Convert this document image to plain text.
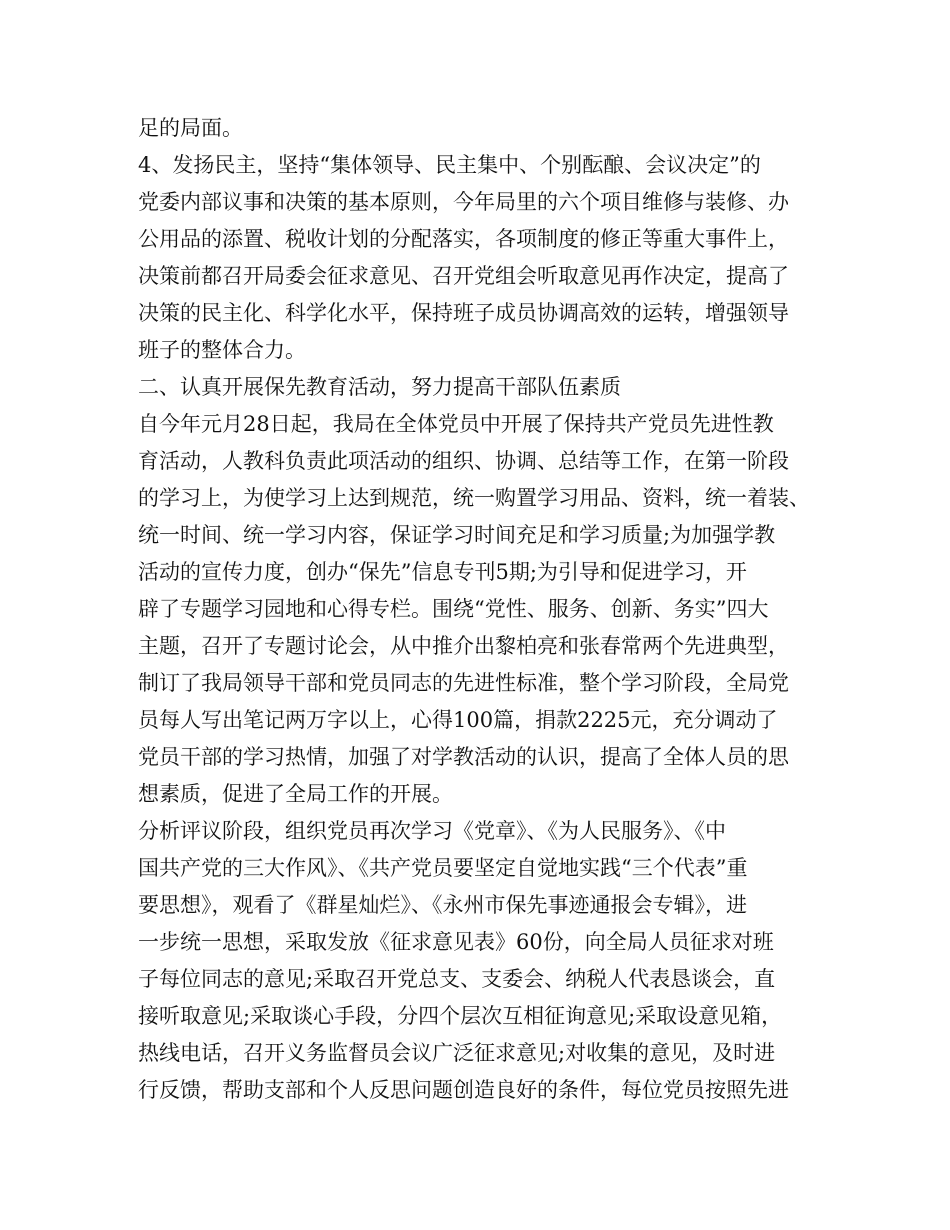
足的局面。
4、发扬民主，坚持“集体领导、民主集中、个别酝酿、会议决定”的
党委内部议事和决策的基本原则，今年局里的六个项目维修与装修、办
公用品的添置、税收计划的分配落实，各项制度的修正等重大事件上，
决策前都召开局委会征求意见、召开党组会听取意见再作决定，提高了
决策的民主化、科学化水平，保持班子成员协调高效的运转，增强领导
班子的整体合力。
二、认真开展保先教育活动，努力提高干部队伍素质
自今年元月28日起，我局在全体党员中开展了保持共产党员先进性教
育活动，人教科负责此项活动的组织、协调、总结等工作，在第一阶段
的学习上，为使学习上达到规范，统一购置学习用品、资料，统一着装、
统一时间、统一学习内容，保证学习时间充足和学习质量;为加强学教
活动的宣传力度，创办“保先”信息专刊5期;为引导和促进学习，开
辟了专题学习园地和心得专栏。围绕“党性、服务、创新、务实”四大
主题，召开了专题讨论会，从中推介出黎柏亮和张春常两个先进典型，
制订了我局领导干部和党员同志的先进性标准，整个学习阶段，全局党
员每人写出笔记两万字以上，心得100篇，捐款2225元，充分调动了
党员干部的学习热情，加强了对学教活动的认识，提高了全体人员的思
想素质，促进了全局工作的开展。
分析评议阶段，组织党员再次学习《党章》、《为人民服务》、《中
国共产党的三大作风》、《共产党员要坚定自觉地实践“三个代表”重
要思想》，观看了《群星灿烂》、《永州市保先事迹通报会专辑》，进
一步统一思想，采取发放《征求意见表》60份，向全局人员征求对班
子每位同志的意见;采取召开党总支、支委会、纳税人代表恳谈会，直
接听取意见;采取谈心手段，分四个层次互相征询意见;采取设意见箱，
热线电话，召开义务监督员会议广泛征求意见;对收集的意见，及时进
行反馈，帮助支部和个人反思问题创造良好的条件，每位党员按照先进
